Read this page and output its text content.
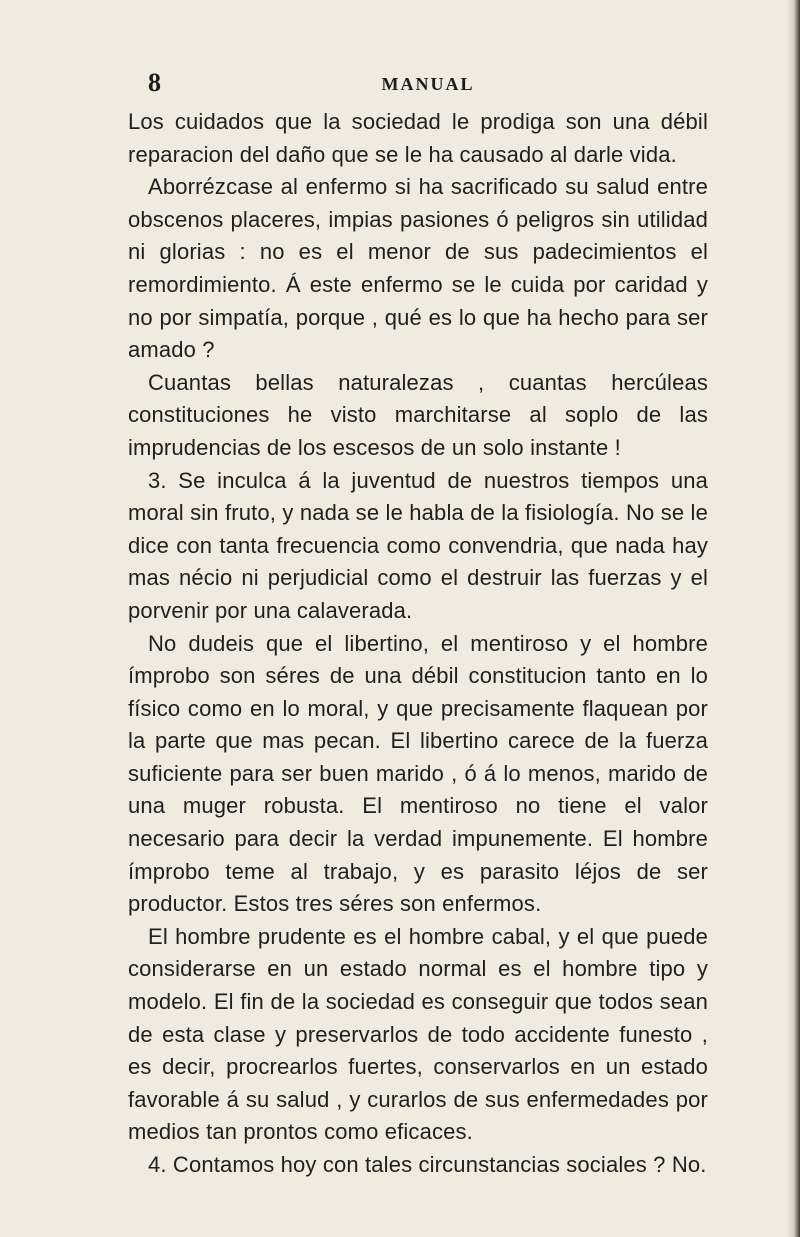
8	MANUAL

Los cuidados que la sociedad le prodiga son una débil reparacion del daño que se le ha causado al darle vida.

Aborrézcase al enfermo si ha sacrificado su salud entre obscenos placeres, impias pasiones ó peligros sin utilidad ni glorias : no es el menor de sus padecimientos el remordimiento. Á este enfermo se le cuida por caridad y no por simpatía, porque , qué es lo que ha hecho para ser amado ?

Cuantas bellas naturalezas , cuantas hercúleas constituciones he visto marchitarse al soplo de las imprudencias de los escesos de un solo instante !

3. Se inculca á la juventud de nuestros tiempos una moral sin fruto, y nada se le habla de la fisiología. No se le dice con tanta frecuencia como convendria, que nada hay mas nécio ni perjudicial como el destruir las fuerzas y el porvenir por una calaverada.

No dudeis que el libertino, el mentiroso y el hombre ímprobo son séres de una débil constitucion tanto en lo físico como en lo moral, y que precisamente flaquean por la parte que mas pecan. El libertino carece de la fuerza suficiente para ser buen marido , ó á lo menos, marido de una muger robusta. El mentiroso no tiene el valor necesario para decir la verdad impunemente. El hombre ímprobo teme al trabajo, y es parasito léjos de ser productor. Estos tres séres son enfermos.

El hombre prudente es el hombre cabal, y el que puede considerarse en un estado normal es el hombre tipo y modelo. El fin de la sociedad es conseguir que todos sean de esta clase y preservarlos de todo accidente funesto , es decir, procrearlos fuertes, conservarlos en un estado favorable á su salud , y curarlos de sus enfermedades por medios tan prontos como eficaces.

4. Contamos hoy con tales circunstancias sociales ? No.
